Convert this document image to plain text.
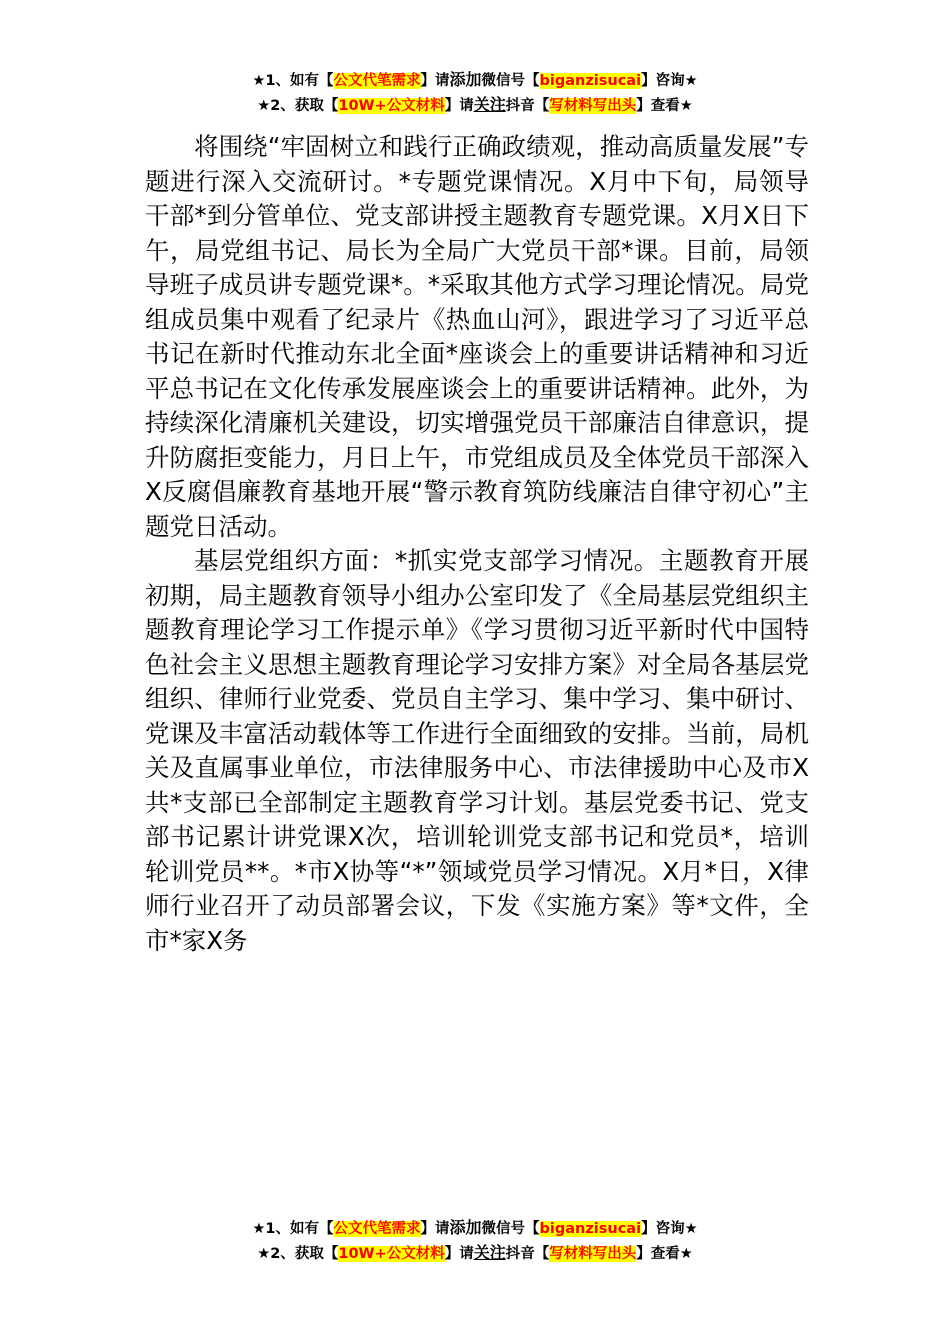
★1、如有【公文代笔需求】请添加微信号【biganzisucai】咨询★
★2、获取【10W+公文材料】请关注抖音【写材料写出头】查看★

将围绕“牢固树立和践行正确政绩观，推动高质量发展”专题进行深入交流研讨。*专题党课情况。X月中下旬，局领导干部*到分管单位、党支部讲授主题教育专题党课。X月X日下午，局党组书记、局长为全局广大党员干部*课。目前，局领导班子成员讲专题党课*。*采取其他方式学习理论情况。局党组成员集中观看了纪录片《热血山河》，跟进学习了习近平总书记在新时代推动东北全面*座谈会上的重要讲话精神和习近平总书记在文化传承发展座谈会上的重要讲话精神。此外，为持续深化清廉机关建设，切实增强党员干部廉洁自律意识，提升防腐拒变能力，月日上午，市党组成员及全体党员干部深入X反腐倡廉教育基地开展“警示教育筑防线廉洁自律守初心”主题党日活动。

基层党组织方面：*抓实党支部学习情况。主题教育开展初期，局主题教育领导小组办公室印发了《全局基层党组织主题教育理论学习工作提示单》《学习贯彻习近平新时代中国特色社会主义思想主题教育理论学习安排方案》对全局各基层党组织、律师行业党委、党员自主学习、集中学习、集中研讨、党课及丰富活动载体等工作进行全面细致的安排。当前，局机关及直属事业单位，市法律服务中心、市法律援助中心及市X共*支部已全部制定主题教育学习计划。基层党委书记、党支部书记累计讲党课X次，培训轮训党支部书记和党员*，培训轮训党员**。*市X协等“*”领域党员学习情况。X月*日，X律师行业召开了动员部署会议，下发《实施方案》等*文件，全市*家X务

★1、如有【公文代笔需求】请添加微信号【biganzisucai】咨询★
★2、获取【10W+公文材料】请关注抖音【写材料写出头】查看★
